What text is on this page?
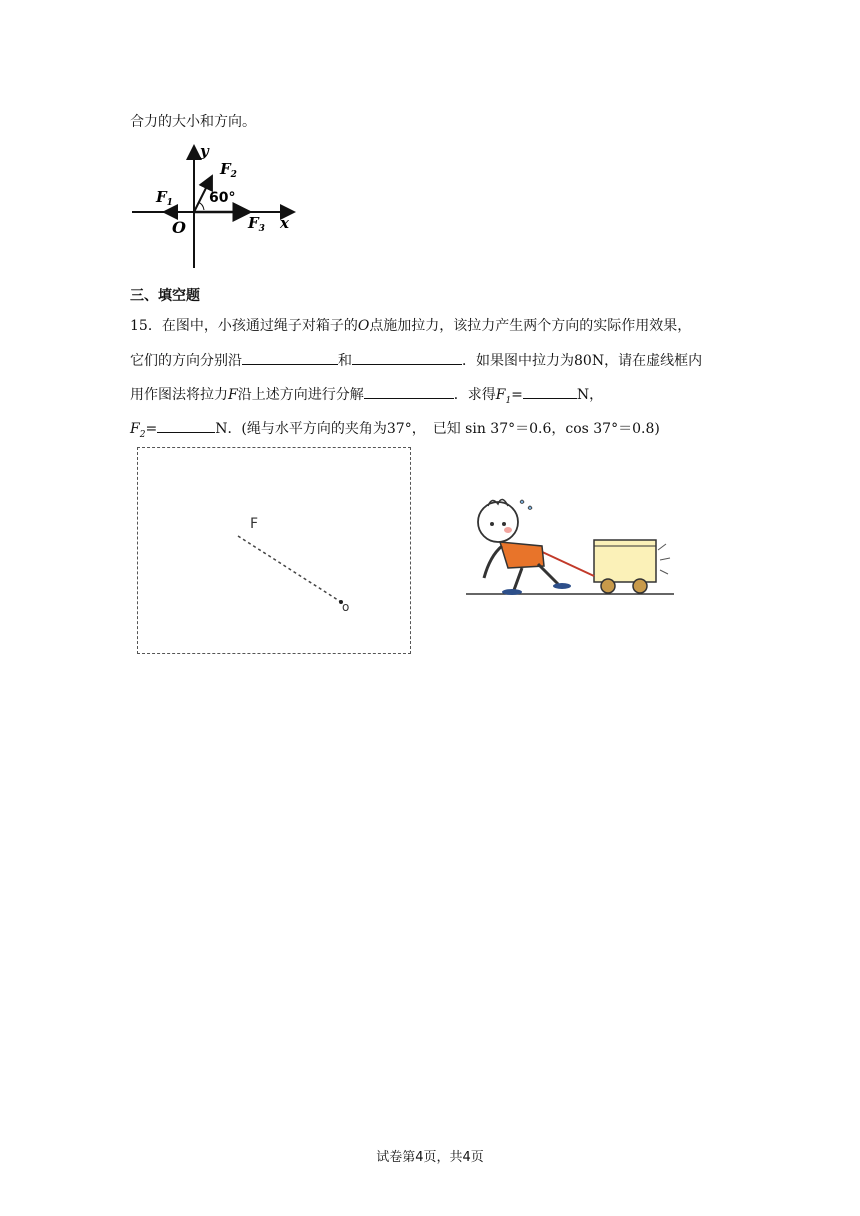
合力的大小和方向。
y
x
O
$F_1$
$F_2$
$F_3$
60°
三、填空题
15．在图中，小孩通过绳子对箱子的O点施加拉力，该拉力产生两个方向的实际作用效果，
它们的方向分别沿	和	．如果图中拉力为80N，请在虚线框内
用作图法将拉力F沿上述方向进行分解	．求得$F_1=$	N，
$F_2=$	N．(绳与水平方向的夹角为37°，　已知 sin 37°＝0.6，cos 37°＝0.8)
F
o
试卷第4页，共4页
